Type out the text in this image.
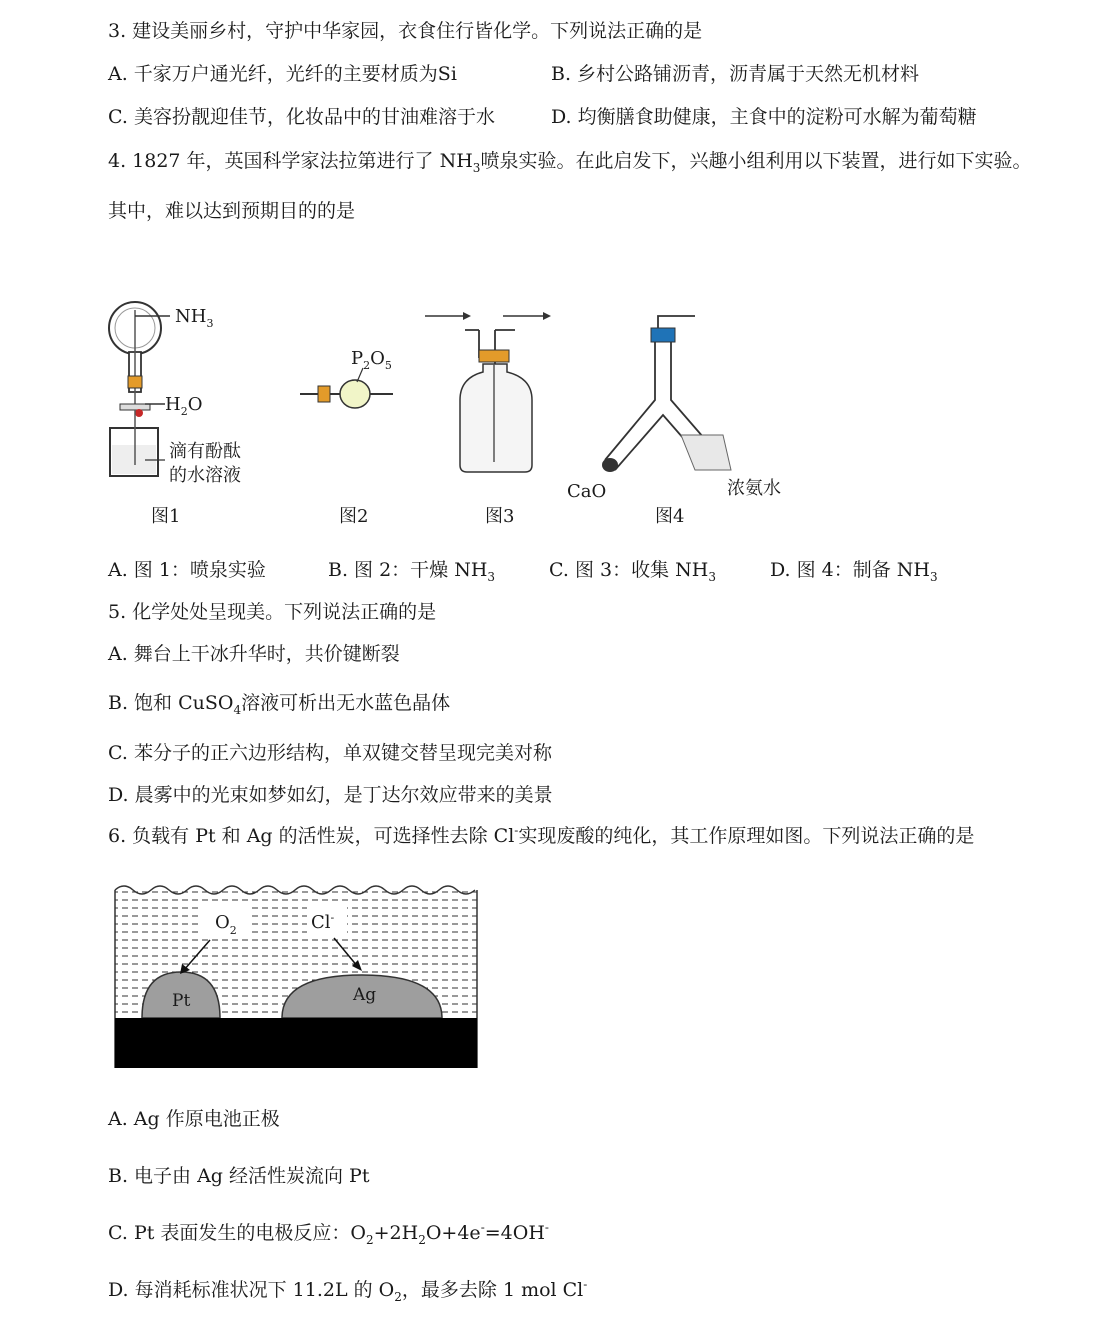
3. 建设美丽乡村，守护中华家园，衣食住行皆化学。下列说法正确的是
A. 千家万户通光纤，光纤的主要材质为Si	B. 乡村公路铺沥青，沥青属于天然无机材料
C. 美容扮靓迎佳节，化妆品中的甘油难溶于水	D. 均衡膳食助健康，主食中的淀粉可水解为葡萄糖
4. 1827 年，英国科学家法拉第进行了 $NH_3$喷泉实验。在此启发下，兴趣小组利用以下装置，进行如下实验。
其中，难以达到预期目的的是
$NH_3$
$H_2O$
滴有酚酞
的水溶液
图1
$P_2O_5$
图2	图3
CaO	浓氨水
图4
A. 图 1：喷泉实验	B. 图 2：干燥 $NH_3$	C. 图 3：收集 $NH_3$	D. 图 4：制备 $NH_3$
5. 化学处处呈现美。下列说法正确的是
A. 舞台上干冰升华时，共价键断裂
B. 饱和 CuSO$_4$溶液可析出无水蓝色晶体
C. 苯分子的正六边形结构，单双键交替呈现完美对称
D. 晨雾中的光束如梦如幻，是丁达尔效应带来的美景
6. 负载有 Pt 和 Ag 的活性炭，可选择性去除 Cl-实现废酸的纯化，其工作原理如图。下列说法正确的是
$O_2$	Cl-
Pt	Ag
A. Ag 作原电池正极
B. 电子由 Ag 经活性炭流向 Pt
C. Pt 表面发生的电极反应：$O_2+2H_2O+4e^-=4OH^-$
D. 每消耗标准状况下 11.2L 的 $O_2$，最多去除 1 mol Cl-
